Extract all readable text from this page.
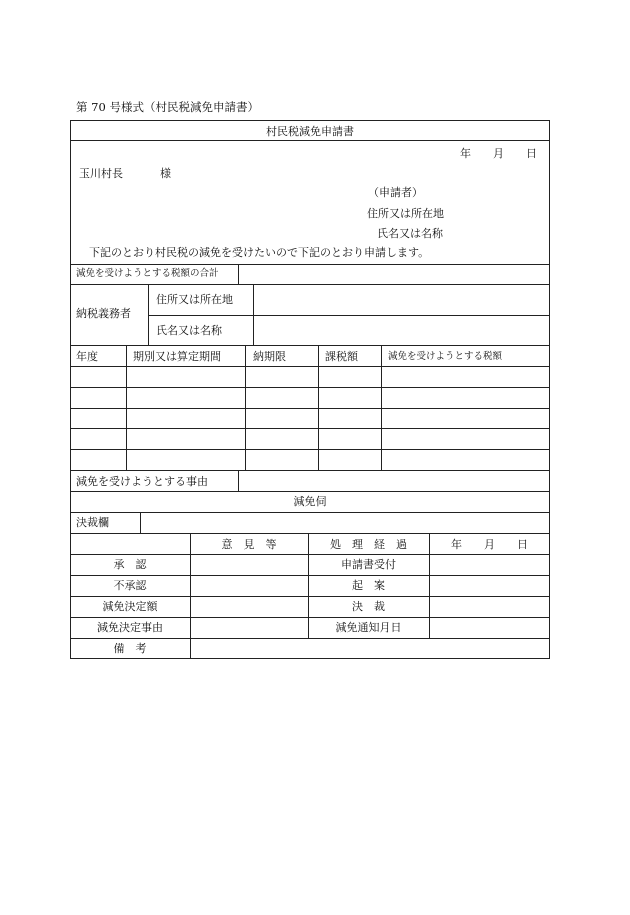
第 70 号様式（村民税減免申請書）
村民税減免申請書
年　　月　　日
玉川村長	様
（申請者）
住所又は所在地
氏名又は名称
下記のとおり村民税の減免を受けたいので下記のとおり申請します。
減免を受けようとする税額の合計
納税義務者
住所又は所在地
氏名又は名称
年度	期別又は算定期間	納期限	課税額	減免を受けようとする税額
減免を受けようとする事由
減免伺
決裁欄
意　見　等	処　理　経　過	年　　月　　日
承　認	申請書受付
不承認	起　案
減免決定額	決　裁
減免決定事由	減免通知月日
備　考
